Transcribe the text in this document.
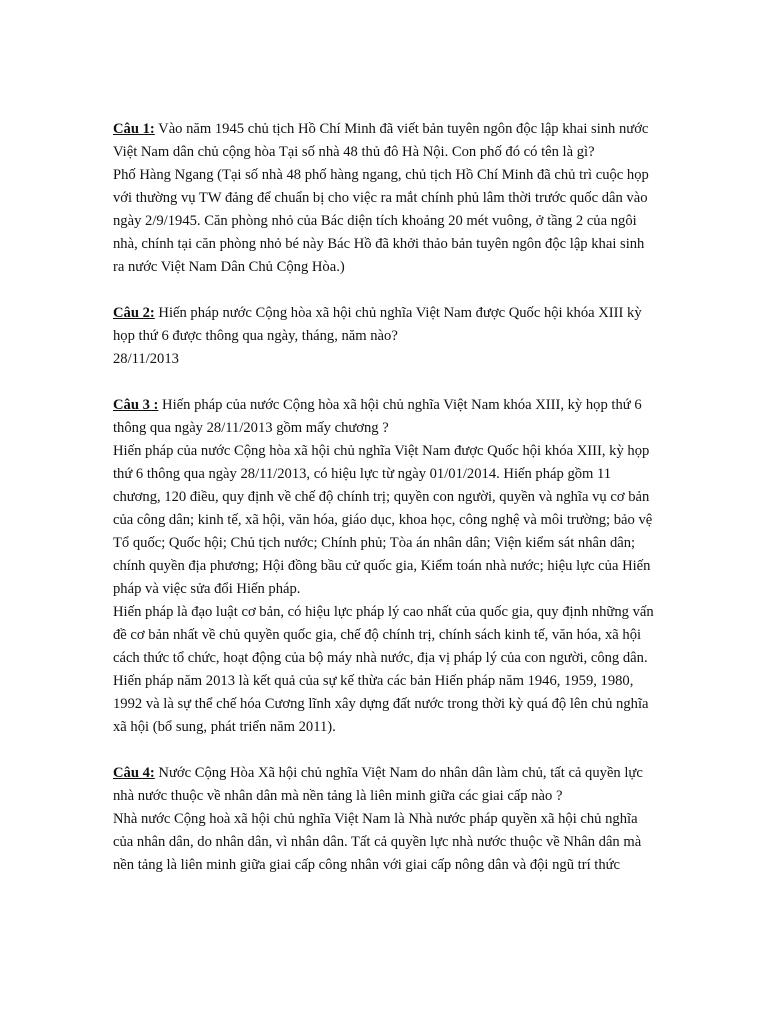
Câu 1: Vào năm 1945 chủ tịch Hồ Chí Minh đã viết bản tuyên ngôn độc lập khai sinh nước Việt Nam dân chủ cộng hòa Tại số nhà 48 thủ đô Hà Nội. Con phố đó có tên là gì?

Phố Hàng Ngang (Tại số nhà 48 phố hàng ngang, chủ tịch Hồ Chí Minh đã chủ trì cuộc họp với thường vụ TW đảng để chuẩn bị cho việc ra mắt chính phủ lâm thời trước quốc dân vào ngày 2/9/1945. Căn phòng nhỏ của Bác diện tích khoảng 20 mét vuông, ở tầng 2 của ngôi nhà, chính tại căn phòng nhỏ bé này Bác Hồ đã khởi thảo bản tuyên ngôn độc lập khai sinh ra nước Việt Nam Dân Chủ Cộng Hòa.)

Câu 2: Hiến pháp nước Cộng hòa xã hội chủ nghĩa Việt Nam được Quốc hội khóa XIII kỳ họp thứ 6 được thông qua ngày, tháng, năm nào?

28/11/2013

Câu 3 : Hiến pháp của nước Cộng hòa xã hội chủ nghĩa Việt Nam khóa XIII, kỳ họp thứ 6 thông qua ngày 28/11/2013 gồm mấy chương ?

Hiến pháp của nước Cộng hòa xã hội chủ nghĩa Việt Nam được Quốc hội khóa XIII, kỳ họp thứ 6 thông qua ngày 28/11/2013, có hiệu lực từ ngày 01/01/2014. Hiến pháp gồm 11 chương, 120 điều, quy định về chế độ chính trị; quyền con người, quyền và nghĩa vụ cơ bản của công dân; kinh tế, xã hội, văn hóa, giáo dục, khoa học, công nghệ và môi trường; bảo vệ Tổ quốc; Quốc hội; Chủ tịch nước; Chính phủ; Tòa án nhân dân; Viện kiểm sát nhân dân; chính quyền địa phương; Hội đồng bầu cử quốc gia, Kiểm toán nhà nước; hiệu lực của Hiến pháp và việc sửa đổi Hiến pháp.

Hiến pháp là đạo luật cơ bản, có hiệu lực pháp lý cao nhất của quốc gia, quy định những vấn đề cơ bản nhất về chủ quyền quốc gia, chế độ chính trị, chính sách kinh tế, văn hóa, xã hội cách thức tổ chức, hoạt động của bộ máy nhà nước, địa vị pháp lý của con người, công dân. Hiến pháp năm 2013 là kết quả của sự kế thừa các bản Hiến pháp năm 1946, 1959, 1980, 1992 và là sự thể chế hóa Cương lĩnh xây dựng đất nước trong thời kỳ quá độ lên chủ nghĩa xã hội (bổ sung, phát triển năm 2011).

Câu 4: Nước Cộng Hòa Xã hội chủ nghĩa Việt Nam do nhân dân làm chủ, tất cả quyền lực nhà nước thuộc về nhân dân mà nền tảng là liên minh giữa các giai cấp nào ?

Nhà nước Cộng hoà xã hội chủ nghĩa Việt Nam là Nhà nước pháp quyền xã hội chủ nghĩa của nhân dân, do nhân dân, vì nhân dân. Tất cả quyền lực nhà nước thuộc về Nhân dân mà nền tảng là liên minh giữa giai cấp công nhân với giai cấp nông dân và đội ngũ trí thức
